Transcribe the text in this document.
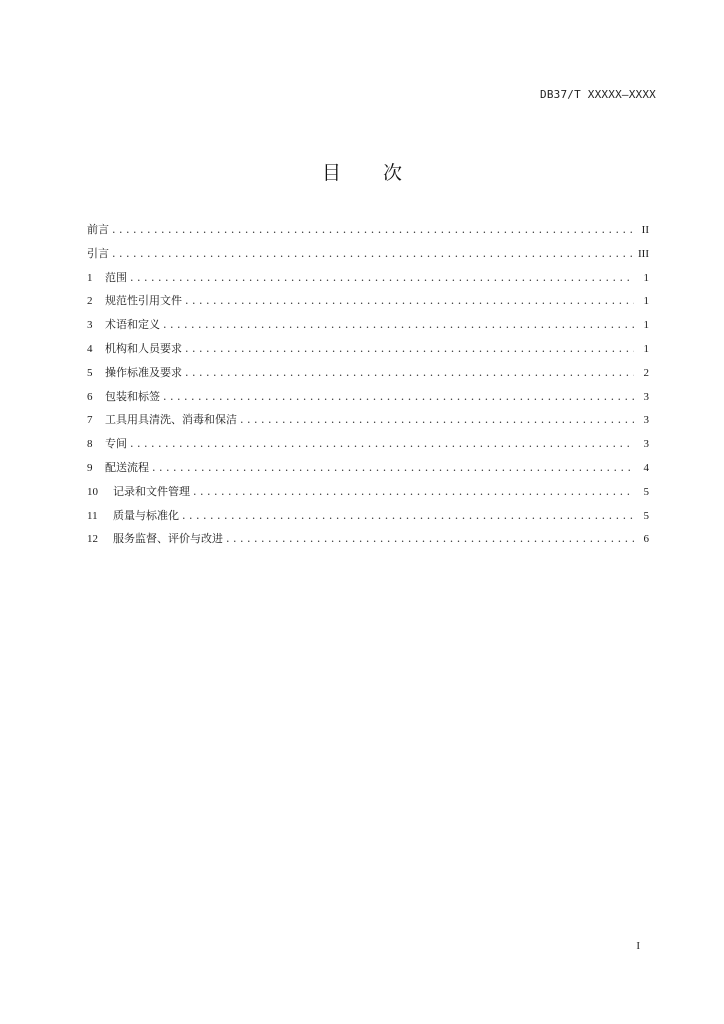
DB37/T XXXXX—XXXX
目 次
前言 . . .	II
引言 . . .	III
1	范围 . . .	1
2	规范性引用文件 . . .	1
3	术语和定义 . . .	1
4	机构和人员要求 . . .	1
5	操作标准及要求 . . .	2
6	包装和标签 . . .	3
7	工具用具清洗、消毒和保洁 . . .	3
8	专间 . . .	3
9	配送流程 . . .	4
10	记录和文件管理 . . .	5
11	质量与标准化 . . .	5
12	服务监督、评价与改进 . . .	6
I
